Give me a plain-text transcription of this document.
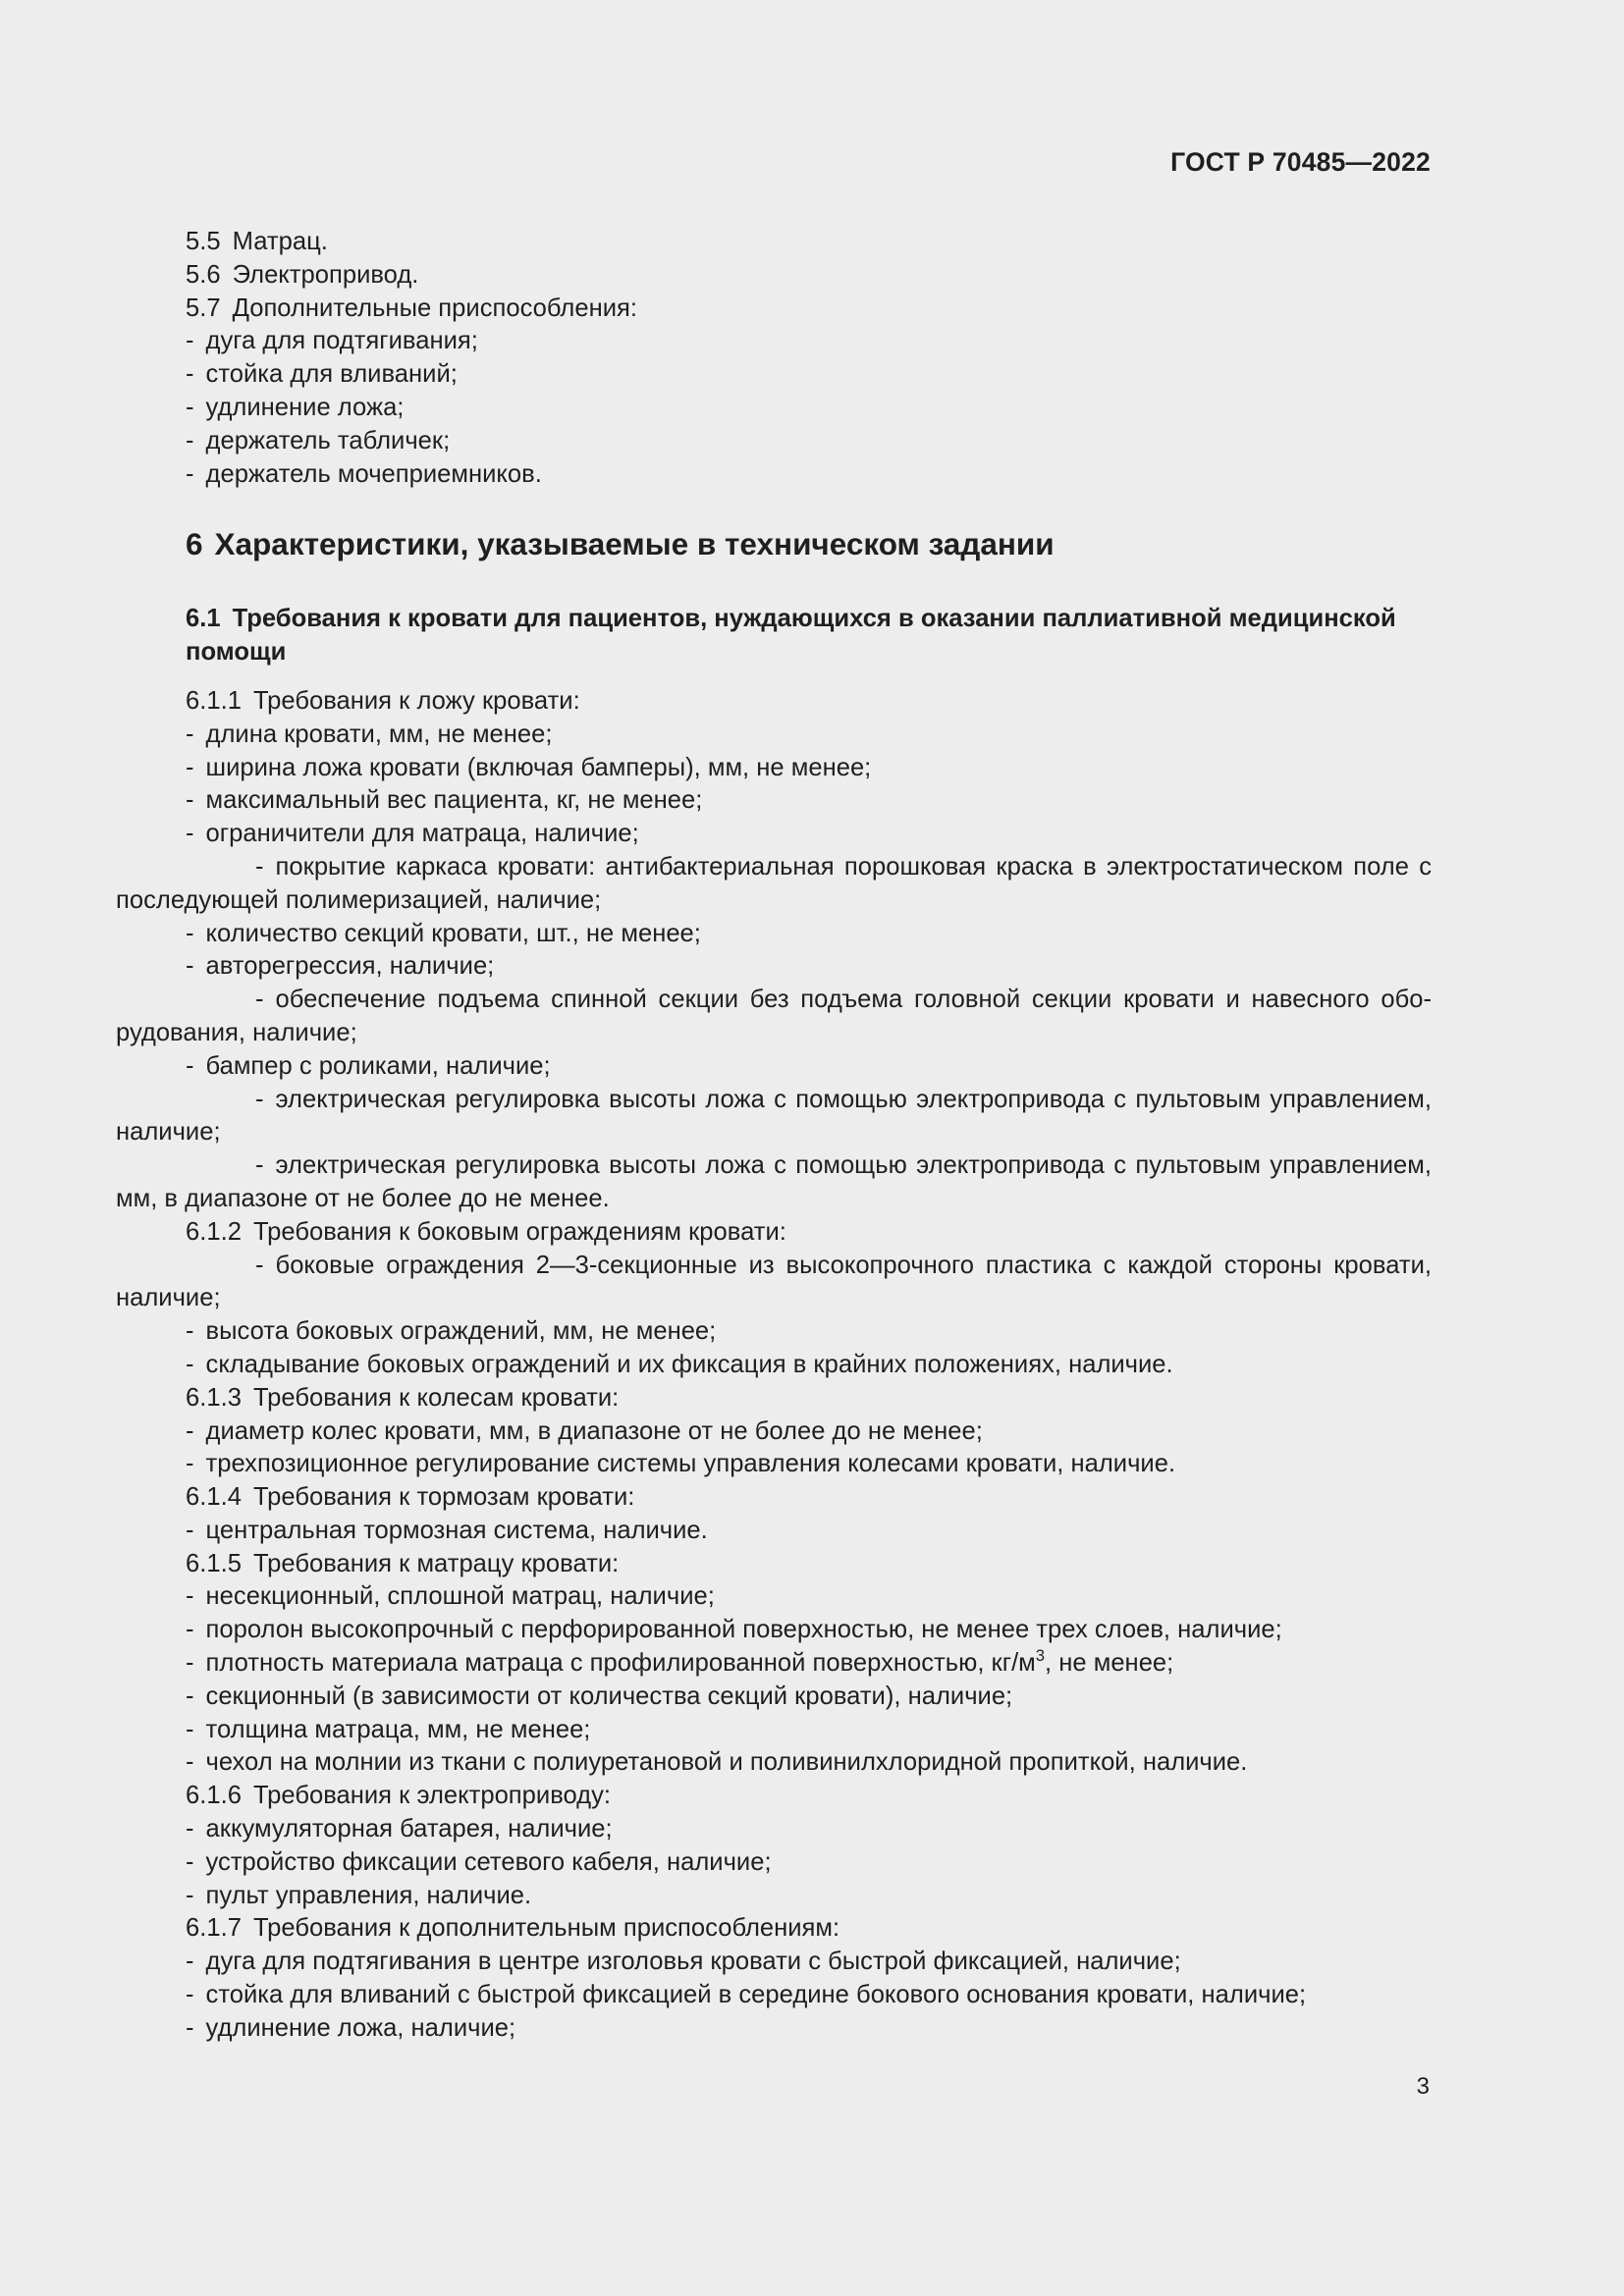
ГОСТ Р 70485—2022

5.5 Матрац.

5.6 Электропривод.

5.7 Дополнительные приспособления:

- дуга для подтягивания;

- стойка для вливаний;

- удлинение ложа;

- держатель табличек;

- держатель мочеприемников.

6 Характеристики, указываемые в техническом задании
6.1 Требования к кровати для пациентов, нуждающихся в оказании паллиативной медицинской помощи

6.1.1 Требования к ложу кровати:

- длина кровати, мм, не менее;

- ширина ложа кровати (включая бамперы), мм, не менее;

- максимальный вес пациента, кг, не менее;

- ограничители для матраца, наличие;

- покрытие каркаса кровати: антибактериальная порошковая краска в электростатическом поле с последующей полимеризацией, наличие;

- количество секций кровати, шт., не менее;

- авторегрессия, наличие;

- обеспечение подъема спинной секции без подъема головной секции кровати и навесного оборудования, наличие;

- бампер с роликами, наличие;

- электрическая регулировка высоты ложа с помощью электропривода с пультовым управлением, наличие;

- электрическая регулировка высоты ложа с помощью электропривода с пультовым управлением, мм, в диапазоне от не более до не менее.

6.1.2 Требования к боковым ограждениям кровати:

- боковые ограждения 2—3-секционные из высокопрочного пластика с каждой стороны кровати, наличие;

- высота боковых ограждений, мм, не менее;

- складывание боковых ограждений и их фиксация в крайних положениях, наличие.

6.1.3 Требования к колесам кровати:

- диаметр колес кровати, мм, в диапазоне от не более до не менее;

- трехпозиционное регулирование системы управления колесами кровати, наличие.

6.1.4 Требования к тормозам кровати:

- центральная тормозная система, наличие.

6.1.5 Требования к матрацу кровати:

- несекционный, сплошной матрац, наличие;

- поролон высокопрочный с перфорированной поверхностью, не менее трех слоев, наличие;

- плотность материала матраца с профилированной поверхностью, $кг/м^3$, не менее;

- секционный (в зависимости от количества секций кровати), наличие;

- толщина матраца, мм, не менее;

- чехол на молнии из ткани с полиуретановой и поливинилхлоридной пропиткой, наличие.

6.1.6 Требования к электроприводу:

- аккумуляторная батарея, наличие;

- устройство фиксации сетевого кабеля, наличие;

- пульт управления, наличие.

6.1.7 Требования к дополнительным приспособлениям:

- дуга для подтягивания в центре изголовья кровати с быстрой фиксацией, наличие;

- стойка для вливаний с быстрой фиксацией в середине бокового основания кровати, наличие;

- удлинение ложа, наличие;

3
